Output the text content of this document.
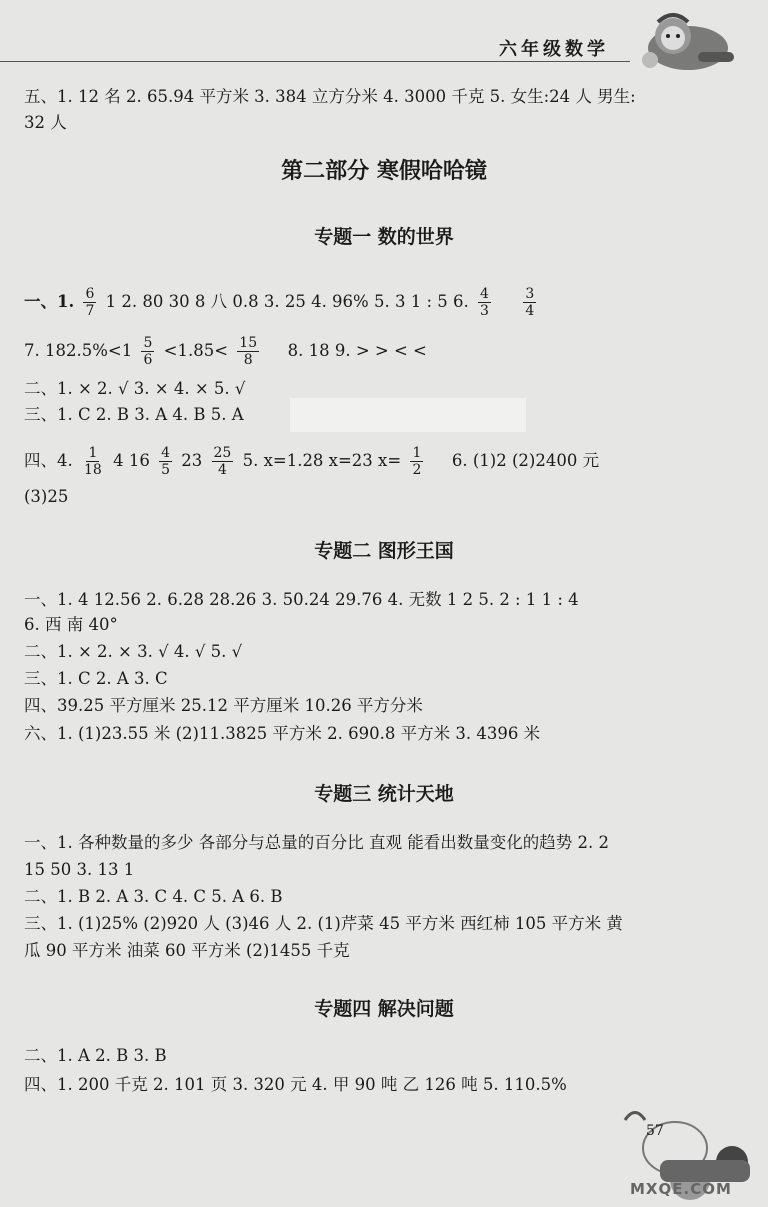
六年级数学
五、1. 12 名 2. 65.94 平方米 3. 384 立方分米 4. 3000 千克 5. 女生:24 人 男生:
32 人
第二部分 寒假哈哈镜
专题一 数的世界
一、1. $\frac{6}{7} 1$ 2. 80 30 8 八 0.8 3. 25 4. 96% 5. 3 1 : 5 6. $\frac{4}{3}$
$\frac{3}{4}$
7. $182.5\%<1 \frac{5}{6} <1.85< \frac{15}{8} 8$. 18 9. > > < <
二、1. × 2. √ 3. × 4. × 5. √
三、1. C 2. B 3. A 4. B 5. A
四、4. $\frac{1}{18} 4$ $16 \frac{4}{5} 23 \frac{25}{4} 5$. x=1.28 x=23 $x= \frac{1}{2} 6$. (1)2 (2)2400 元
(3)25
专题二 图形王国
一、1. 4 12.56 2. 6.28 28.26 3. 50.24 29.76 4. 无数 1 2 5. 2 : 1 1 : 4
6. 西 南 40°
二、1. × 2. × 3. √ 4. √ 5. √
三、1. C 2. A 3. C
四、39.25 平方厘米 25.12 平方厘米 10.26 平方分米
六、1. (1)23.55 米 (2)11.3825 平方米 2. 690.8 平方米 3. 4396 米
专题三 统计天地
一、1. 各种数量的多少 各部分与总量的百分比 直观 能看出数量变化的趋势 2. 2
15 50 3. 13 1
二、1. B 2. A 3. C 4. C 5. A 6. B
三、1. (1)25% (2)920 人 (3)46 人 2. (1)芹菜 45 平方米 西红柿 105 平方米 黄
瓜 90 平方米 油菜 60 平方米 (2)1455 千克
专题四 解决问题
二、1. A 2. B 3. B
四、1. 200 千克 2. 101 页 3. 320 元 4. 甲 90 吨 乙 126 吨 5. 110.5%
57
MXQE.COM
